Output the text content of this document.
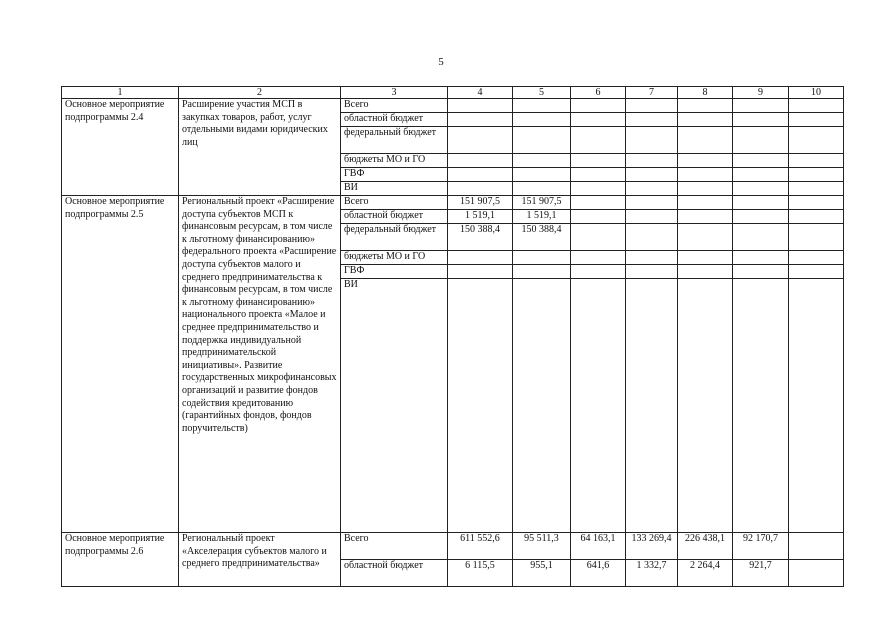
5
1	2	3	4	5	6	7	8	9	10
Основное мероприятие подпрограммы 2.4	Расширение участия МСП в закупках товаров, работ, услуг отдельными видами юридических лиц	Всего							
		областной бюджет							
		федеральный бюджет							
		бюджеты МО и ГО							
		ГВФ							
		ВИ							
Основное мероприятие подпрограммы 2.5	Региональный проект «Расширение доступа субъектов МСП к финансовым ресурсам, в том числе к льготному финансированию» федерального проекта «Расширение доступа субъектов малого и среднего предпринимательства к финансовым ресурсам, в том числе к льготному финансированию» национального проекта «Малое и среднее предпринимательство и поддержка индивидуальной предпринимательской инициативы». Развитие государственных микрофинансовых организаций и развитие фондов содействия кредитованию (гарантийных фондов, фондов поручительств)	Всего	151 907,5	151 907,5					
		областной бюджет	1 519,1	1 519,1					
		федеральный бюджет	150 388,4	150 388,4					
		бюджеты МО и ГО							
		ГВФ							
		ВИ							
Основное мероприятие подпрограммы 2.6	Региональный проект «Акселерация субъектов малого и среднего предпринимательства»	Всего	611 552,6	95 511,3	64 163,1	133 269,4	226 438,1	92 170,7	
		областной бюджет	6 115,5	955,1	641,6	1 332,7	2 264,4	921,7	
